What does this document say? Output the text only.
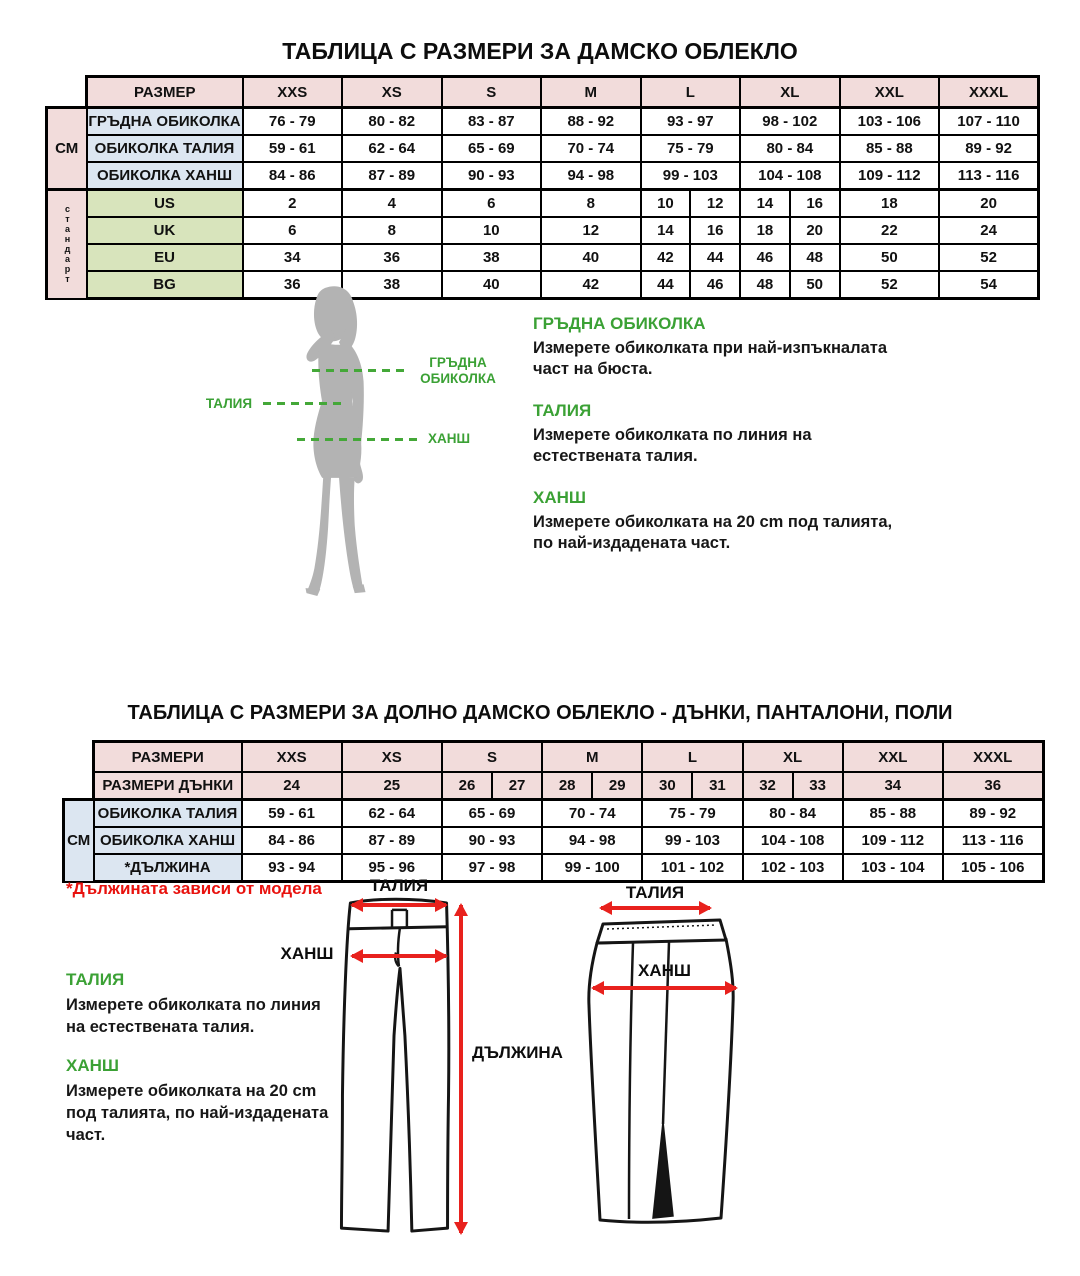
ТАБЛИЦА С РАЗМЕРИ ЗА ДАМСКО ОБЛЕКЛО
	РАЗМЕР	XXS	XS	S	M	L		XL		XXL	XXXL
СМ	ГРЪДНА ОБИКОЛКА	76 - 79	80 - 82	83 - 87	88 - 92	93 - 97		98 - 102		103 - 106	107 - 110
	ОБИКОЛКА ТАЛИЯ	59 - 61	62 - 64	65 - 69	70 - 74	75 - 79		80 - 84		85 - 88	89 - 92
	ОБИКОЛКА ХАНШ	84 - 86	87 - 89	90 - 93	94 - 98	99 - 103		104 - 108		109 - 112	113 - 116

стандарт	US	2	4	6	8	10	12	14	16	18	20
	UK	6	8	10	12	14	16	18	20	22	24
	EU	34	36	38	40	42	44	46	48	50	52
	BG	36	38	40	42	44	46	48	50	52	54
ГРЪДНА
ОБИКОЛКА
ТАЛИЯ
ХАНШ
ГРЪДНА ОБИКОЛКА
Измерете обиколката при най-изпъкналата
част на бюста.
ТАЛИЯ
Измерете обиколката по линия на
естествената талия.
ХАНШ
Измерете обиколката на 20 cm под талията,
по най-издадената част.
ТАБЛИЦА С РАЗМЕРИ ЗА ДОЛНО ДАМСКО ОБЛЕКЛО - ДЪНКИ, ПАНТАЛОНИ, ПОЛИ
	РАЗМЕРИ	XXS	XS	S		M		L		XL		XXL	XXXL
	РАЗМЕРИ ДЪНКИ	24	25	26	27	28	29	30	31	32	33	34	36
СМ	ОБИКОЛКА ТАЛИЯ	59 - 61	62 - 64	65 - 69		70 - 74		75 - 79		80 - 84		85 - 88	89 - 92
	ОБИКОЛКА ХАНШ	84 - 86	87 - 89	90 - 93		94 - 98		99 - 103		104 - 108		109 - 112	113 - 116
	*ДЪЛЖИНА	93 - 94	95 - 96	97 - 98		99 - 100		101 - 102		102 - 103		103 - 104	105 - 106
*Дължината зависи от модела
ТАЛИЯ
Измерете обиколката по линия
на естествената талия.
ХАНШ
Измерете обиколката на 20 cm
под талията, по най-издадената
част.
ТАЛИЯ
ХАНШ
ДЪЛЖИНА
ТАЛИЯ
ХАНШ
